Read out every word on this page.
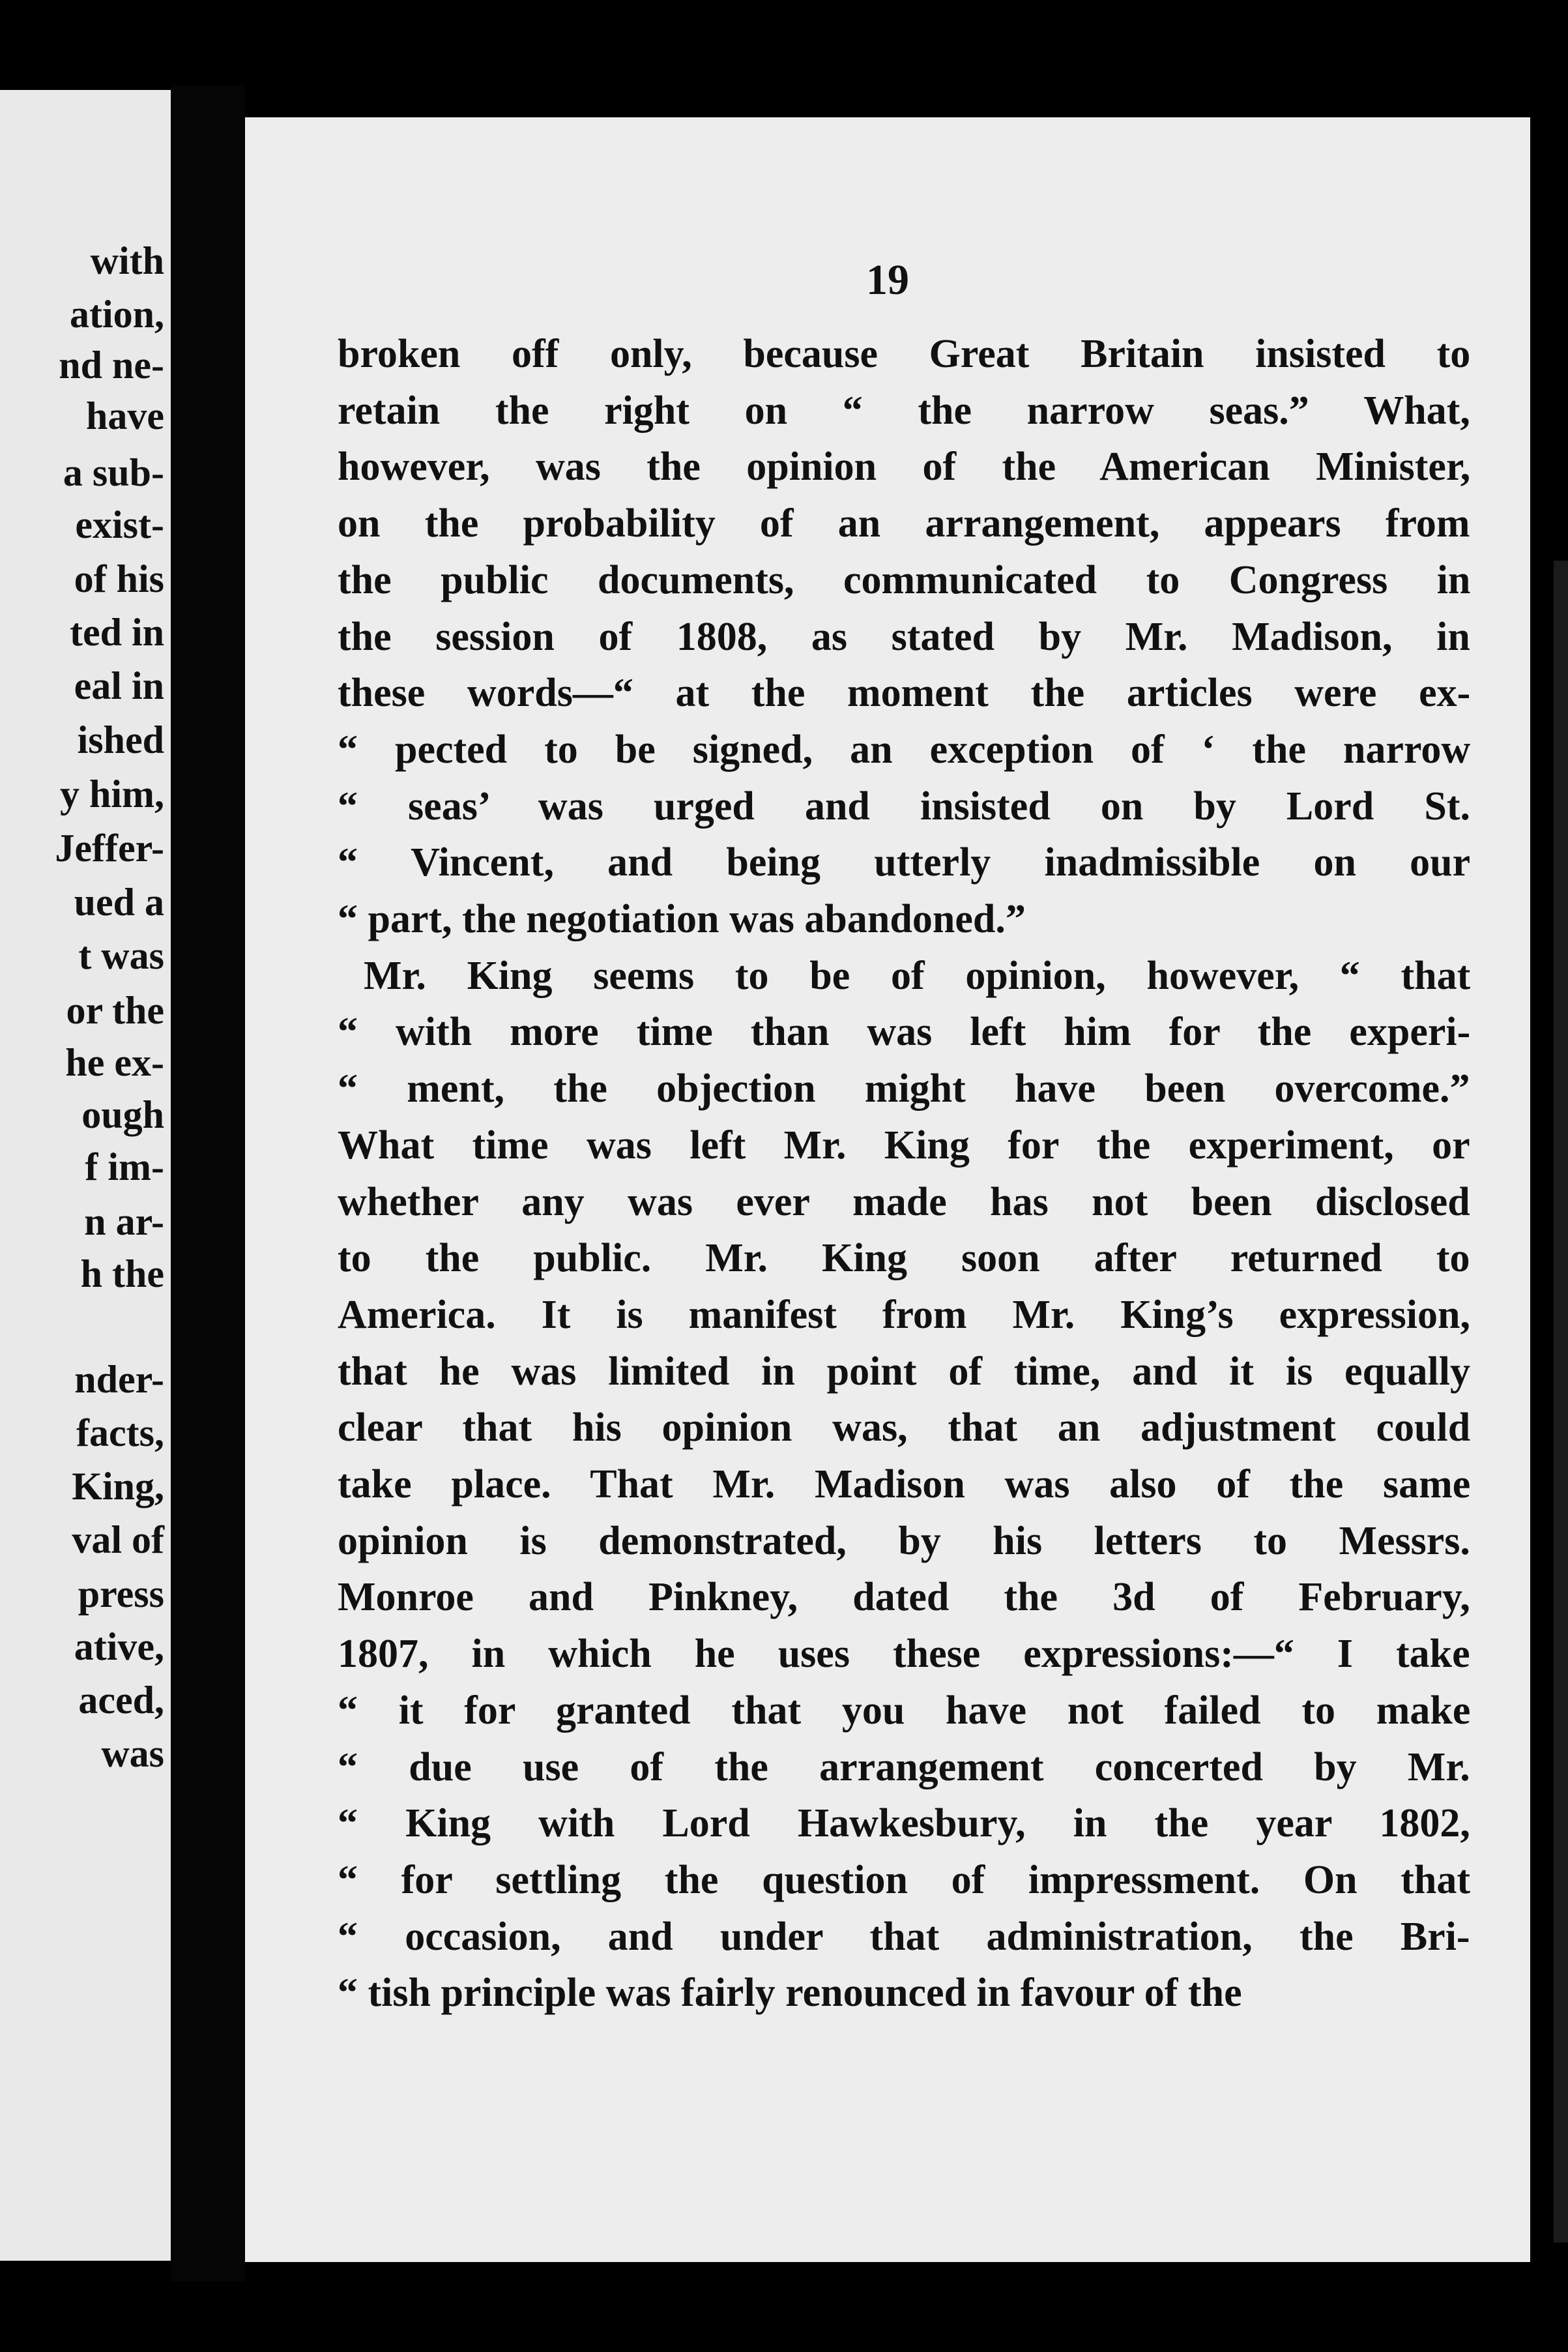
with
ation,
nd ne-
have
a sub-
exist-
of his
ted in
eal in
ished
y him,
Jeffer-
ued a
t was
or the
he ex-
ough
f im-
n ar-
h the
nder-
facts,
King,
val of
press
ative,
aced,
was
19
broken off only, because Great Britain insisted to
retain the right on “ the narrow seas.” What,
however, was the opinion of the American Minister,
on the probability of an arrangement, appears from
the public documents, communicated to Congress in
the session of 1808, as stated by Mr. Madison, in
these words—“ at the moment the articles were ex-
“ pected to be signed, an exception of ‘ the narrow
“ seas’ was urged and insisted on by Lord St.
“ Vincent, and being utterly inadmissible on our
“ part, the negotiation was abandoned.”
Mr. King seems to be of opinion, however, “ that
“ with more time than was left him for the experi-
“ ment, the objection might have been overcome.”
What time was left Mr. King for the experiment, or
whether any was ever made has not been disclosed
to the public. Mr. King soon after returned to
America. It is manifest from Mr. King’s expression,
that he was limited in point of time, and it is equally
clear that his opinion was, that an adjustment could
take place. That Mr. Madison was also of the same
opinion is demonstrated, by his letters to Messrs.
Monroe and Pinkney, dated the 3d of February,
1807, in which he uses these expressions:—“ I take
“ it for granted that you have not failed to make
“ due use of the arrangement concerted by Mr.
“ King with Lord Hawkesbury, in the year 1802,
“ for settling the question of impressment. On that
“ occasion, and under that administration, the Bri-
“ tish principle was fairly renounced in favour of the
